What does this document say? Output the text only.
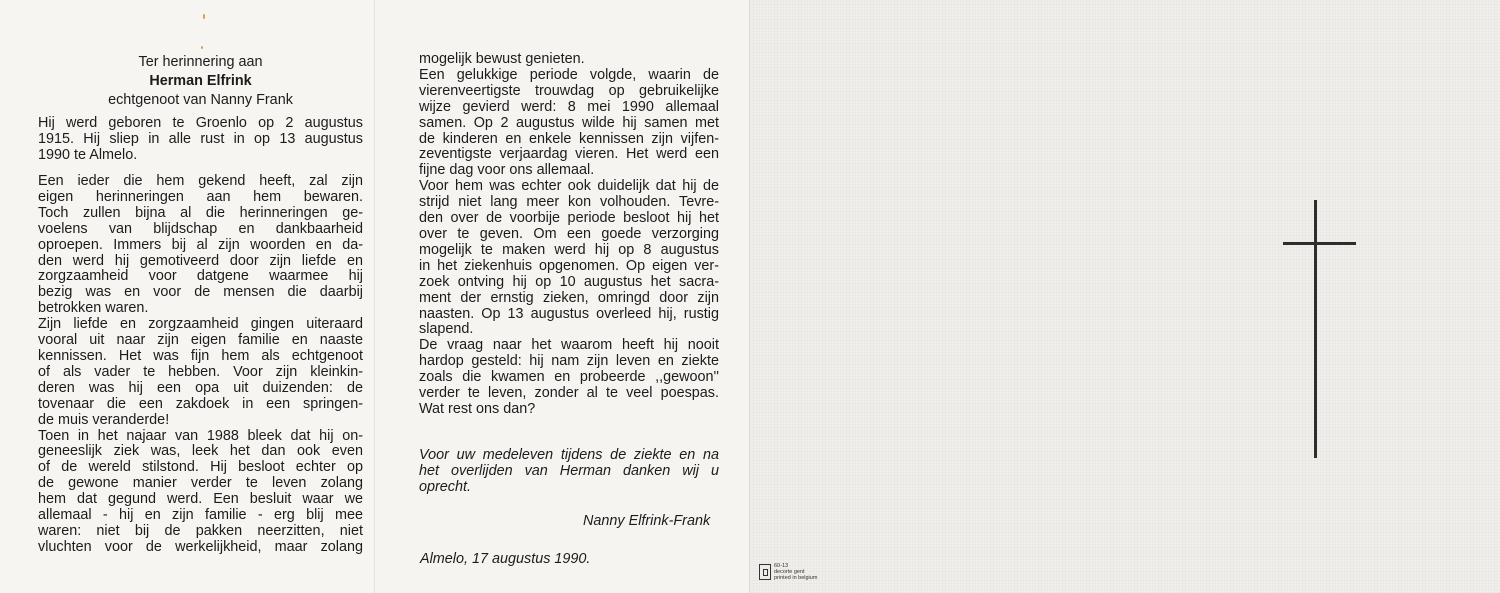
Ter herinnering aan
Herman Elfrink
echtgenoot van Nanny Frank
Hij werd geboren te Groenlo op 2 augustus
1915. Hij sliep in alle rust in op 13 augustus
1990 te Almelo.
Een ieder die hem gekend heeft, zal zijn
eigen herinneringen aan hem bewaren.
Toch zullen bijna al die herinneringen ge-
voelens van blijdschap en dankbaarheid
oproepen. Immers bij al zijn woorden en da-
den werd hij gemotiveerd door zijn liefde en
zorgzaamheid voor datgene waarmee hij
bezig was en voor de mensen die daarbij
betrokken waren.
Zijn liefde en zorgzaamheid gingen uiteraard
vooral uit naar zijn eigen familie en naaste
kennissen. Het was fijn hem als echtgenoot
of als vader te hebben. Voor zijn kleinkin-
deren was hij een opa uit duizenden: de
tovenaar die een zakdoek in een springen-
de muis veranderde!
Toen in het najaar van 1988 bleek dat hij on-
geneeslijk ziek was, leek het dan ook even
of de wereld stilstond. Hij besloot echter op
de gewone manier verder te leven zolang
hem dat gegund werd. Een besluit waar we
allemaal - hij en zijn familie - erg blij mee
waren: niet bij de pakken neerzitten, niet
vluchten voor de werkelijkheid, maar zolang
mogelijk bewust genieten.
Een gelukkige periode volgde, waarin de
vierenveertigste trouwdag op gebruikelijke
wijze gevierd werd: 8 mei 1990 allemaal
samen. Op 2 augustus wilde hij samen met
de kinderen en enkele kennissen zijn vijfen-
zeventigste verjaardag vieren. Het werd een
fijne dag voor ons allemaal.
Voor hem was echter ook duidelijk dat hij de
strijd niet lang meer kon volhouden. Tevre-
den over de voorbije periode besloot hij het
over te geven. Om een goede verzorging
mogelijk te maken werd hij op 8 augustus
in het ziekenhuis opgenomen. Op eigen ver-
zoek ontving hij op 10 augustus het sacra-
ment der ernstig zieken, omringd door zijn
naasten. Op 13 augustus overleed hij, rustig
slapend.
De vraag naar het waarom heeft hij nooit
hardop gesteld: hij nam zijn leven en ziekte
zoals die kwamen en probeerde ,,gewoon''
verder te leven, zonder al te veel poespas.
Wat rest ons dan?
Voor uw medeleven tijdens de ziekte en na
het overlijden van Herman danken wij u
oprecht.
Nanny Elfrink-Frank
Almelo, 17 augustus 1990.	60-13
decorte gent
printed in belgium
